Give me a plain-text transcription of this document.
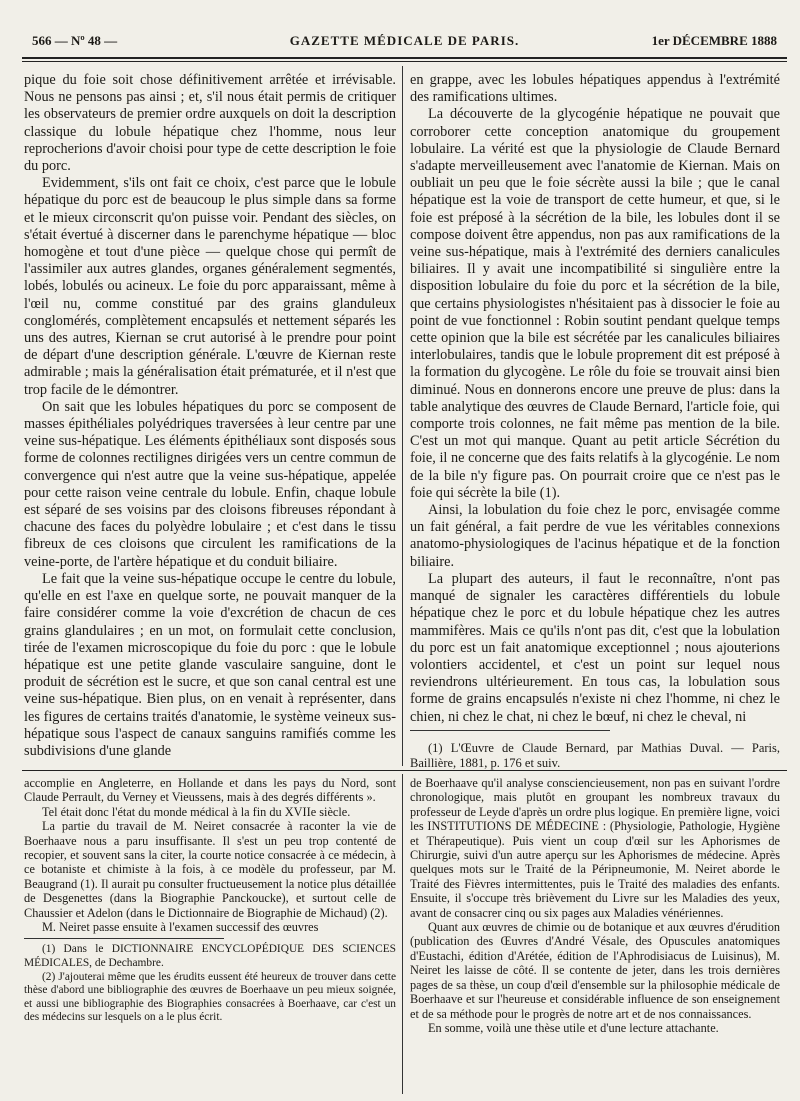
566 — Nº 48 —	GAZETTE MÉDICALE DE PARIS.	1er DÉCEMBRE 1888

pique du foie soit chose définitivement arrêtée et irrévisable. Nous ne pensons pas ainsi ; et, s'il nous était permis de critiquer les observateurs de premier ordre auxquels on doit la description classique du lobule hépatique chez l'homme, nous leur reprocherions d'avoir choisi pour type de cette description le foie du porc.

Evidemment, s'ils ont fait ce choix, c'est parce que le lobule hépatique du porc est de beaucoup le plus simple dans sa forme et le mieux circonscrit qu'on puisse voir. Pendant des siècles, on s'était évertué à discerner dans le parenchyme hépatique — bloc homogène et tout d'une pièce — quelque chose qui permît de l'assimiler aux autres glandes, organes généralement segmentés, lobés, lobulés ou acineux. Le foie du porc apparaissant, même à l'œil nu, comme constitué par des grains glanduleux conglomérés, complètement encapsulés et nettement séparés les uns des autres, Kiernan se crut autorisé à le prendre pour point de départ d'une description générale. L'œuvre de Kiernan reste admirable ; mais la généralisation était prématurée, et il n'est que trop facile de le démontrer.

On sait que les lobules hépatiques du porc se composent de masses épithéliales polyédriques traversées à leur centre par une veine sus-hépatique. Les éléments épithéliaux sont disposés sous forme de colonnes rectilignes dirigées vers un centre commun de convergence qui n'est autre que la veine sus-hépatique, appelée pour cette raison veine centrale du lobule. Enfin, chaque lobule est séparé de ses voisins par des cloisons fibreuses répondant à chacune des faces du polyèdre lobulaire ; et c'est dans le tissu fibreux de ces cloisons que circulent les ramifications de la veine-porte, de l'artère hépatique et du conduit biliaire.

Le fait que la veine sus-hépatique occupe le centre du lobule, qu'elle en est l'axe en quelque sorte, ne pouvait manquer de la faire considérer comme la voie d'excrétion de chacun de ces grains glandulaires ; en un mot, on formulait cette conclusion, tirée de l'examen microscopique du foie du porc : que le lobule hépatique est une petite glande vasculaire sanguine, dont le produit de sécrétion est le sucre, et que son canal central est une veine sus-hépatique. Bien plus, on en venait à représenter, dans les figures de certains traités d'anatomie, le système veineux sus-hépatique sous l'aspect de canaux sanguins ramifiés comme les subdivisions d'une glande

en grappe, avec les lobules hépatiques appendus à l'extrémité des ramifications ultimes.

La découverte de la glycogénie hépatique ne pouvait que corroborer cette conception anatomique du groupement lobulaire. La vérité est que la physiologie de Claude Bernard s'adapte merveilleusement avec l'anatomie de Kiernan. Mais on oubliait un peu que le foie sécrète aussi la bile ; que le canal hépatique est la voie de transport de cette humeur, et que, si le foie est préposé à la sécrétion de la bile, les lobules dont il se compose doivent être appendus, non pas aux ramifications de la veine sus-hépatique, mais à l'extrémité des derniers canalicules biliaires. Il y avait une incompatibilité si singulière entre la disposition lobulaire du foie du porc et la sécrétion de la bile, que certains physiologistes n'hésitaient pas à dissocier le foie au point de vue fonctionnel : Robin soutint pendant quelque temps cette opinion que la bile est sécrétée par les canalicules biliaires interlobulaires, tandis que le lobule proprement dit est préposé à la formation du glycogène. Le rôle du foie se trouvait ainsi bien diminué. Nous en donnerons encore une preuve de plus: dans la table analytique des œuvres de Claude Bernard, l'article foie, qui comporte trois colonnes, ne fait même pas mention de la bile. C'est un mot qui manque. Quant au petit article Sécrétion du foie, il ne concerne que des faits relatifs à la glycogénie. Le nom de la bile n'y figure pas. On pourrait croire que ce n'est pas le foie qui sécrète la bile (1).

Ainsi, la lobulation du foie chez le porc, envisagée comme un fait général, a fait perdre de vue les véritables connexions anatomo-physiologiques de l'acinus hépatique et de la fonction biliaire.

La plupart des auteurs, il faut le reconnaître, n'ont pas manqué de signaler les caractères différentiels du lobule hépatique chez le porc et du lobule hépatique chez les autres mammifères. Mais ce qu'ils n'ont pas dit, c'est que la lobulation du porc est un fait anatomique exceptionnel ; nous ajouterions volontiers accidentel, et c'est un point sur lequel nous reviendrons ultérieurement. En tous cas, la lobulation sous forme de grains encapsulés n'existe ni chez l'homme, ni chez le chien, ni chez le chat, ni chez le bœuf, ni chez le cheval, ni

(1) L'Œuvre de Claude Bernard, par Mathias Duval. — Paris, Baillière, 1881, p. 176 et suiv.

accomplie en Angleterre, en Hollande et dans les pays du Nord, sont Claude Perrault, du Verney et Vieussens, mais à des degrés différents ».

Tel était donc l'état du monde médical à la fin du XVIIe siècle.

La partie du travail de M. Neiret consacrée à raconter la vie de Boerhaave nous a paru insuffisante. Il s'est un peu trop contenté de recopier, et souvent sans la citer, la courte notice consacrée à ce médecin, à ce botaniste et chimiste à la fois, à ce modèle du professeur, par M. Beaugrand (1). Il aurait pu consulter fructueusement la notice plus détaillée de Desgenettes (dans la Biographie Panckoucke), et surtout celle de Chaussier et Adelon (dans le Dictionnaire de Biographie de Michaud) (2).

M. Neiret passe ensuite à l'examen successif des œuvres

(1) Dans le DICTIONNAIRE ENCYCLOPÉDIQUE DES SCIENCES MÉDICALES, de Dechambre.

(2) J'ajouterai même que les érudits eussent été heureux de trouver dans cette thèse d'abord une bibliographie des œuvres de Boerhaave un peu mieux soignée, et aussi une bibliographie des Biographies consacrées à Boerhaave, car c'est un des médecins sur lesquels on a le plus écrit.

de Boerhaave qu'il analyse consciencieusement, non pas en suivant l'ordre chronologique, mais plutôt en groupant les nombreux travaux du professeur de Leyde d'après un ordre plus logique. En première ligne, voici les INSTITUTIONS DE MÉDECINE : (Physiologie, Pathologie, Hygiène et Thérapeutique). Puis vient un coup d'œil sur les Aphorismes de Chirurgie, suivi d'un autre aperçu sur les Aphorismes de médecine. Après quelques mots sur le Traité de la Péripneumonie, M. Neiret aborde le Traité des Fièvres intermittentes, puis le Traité des maladies des enfants. Ensuite, il s'occupe très brièvement du Livre sur les Maladies des yeux, avant de consacrer cinq ou six pages aux Maladies vénériennes.

Quant aux œuvres de chimie ou de botanique et aux œuvres d'érudition (publication des Œuvres d'André Vésale, des Opuscules anatomiques d'Eustachi, édition d'Arétée, édition de l'Aphrodisiacus de Luisinus), M. Neiret les laisse de côté. Il se contente de jeter, dans les trois dernières pages de sa thèse, un coup d'œil d'ensemble sur la philosophie médicale de Boerhaave et sur l'heureuse et considérable influence de son enseignement et de sa méthode pour le progrès de notre art et de nos connaissances.

En somme, voilà une thèse utile et d'une lecture attachante.
